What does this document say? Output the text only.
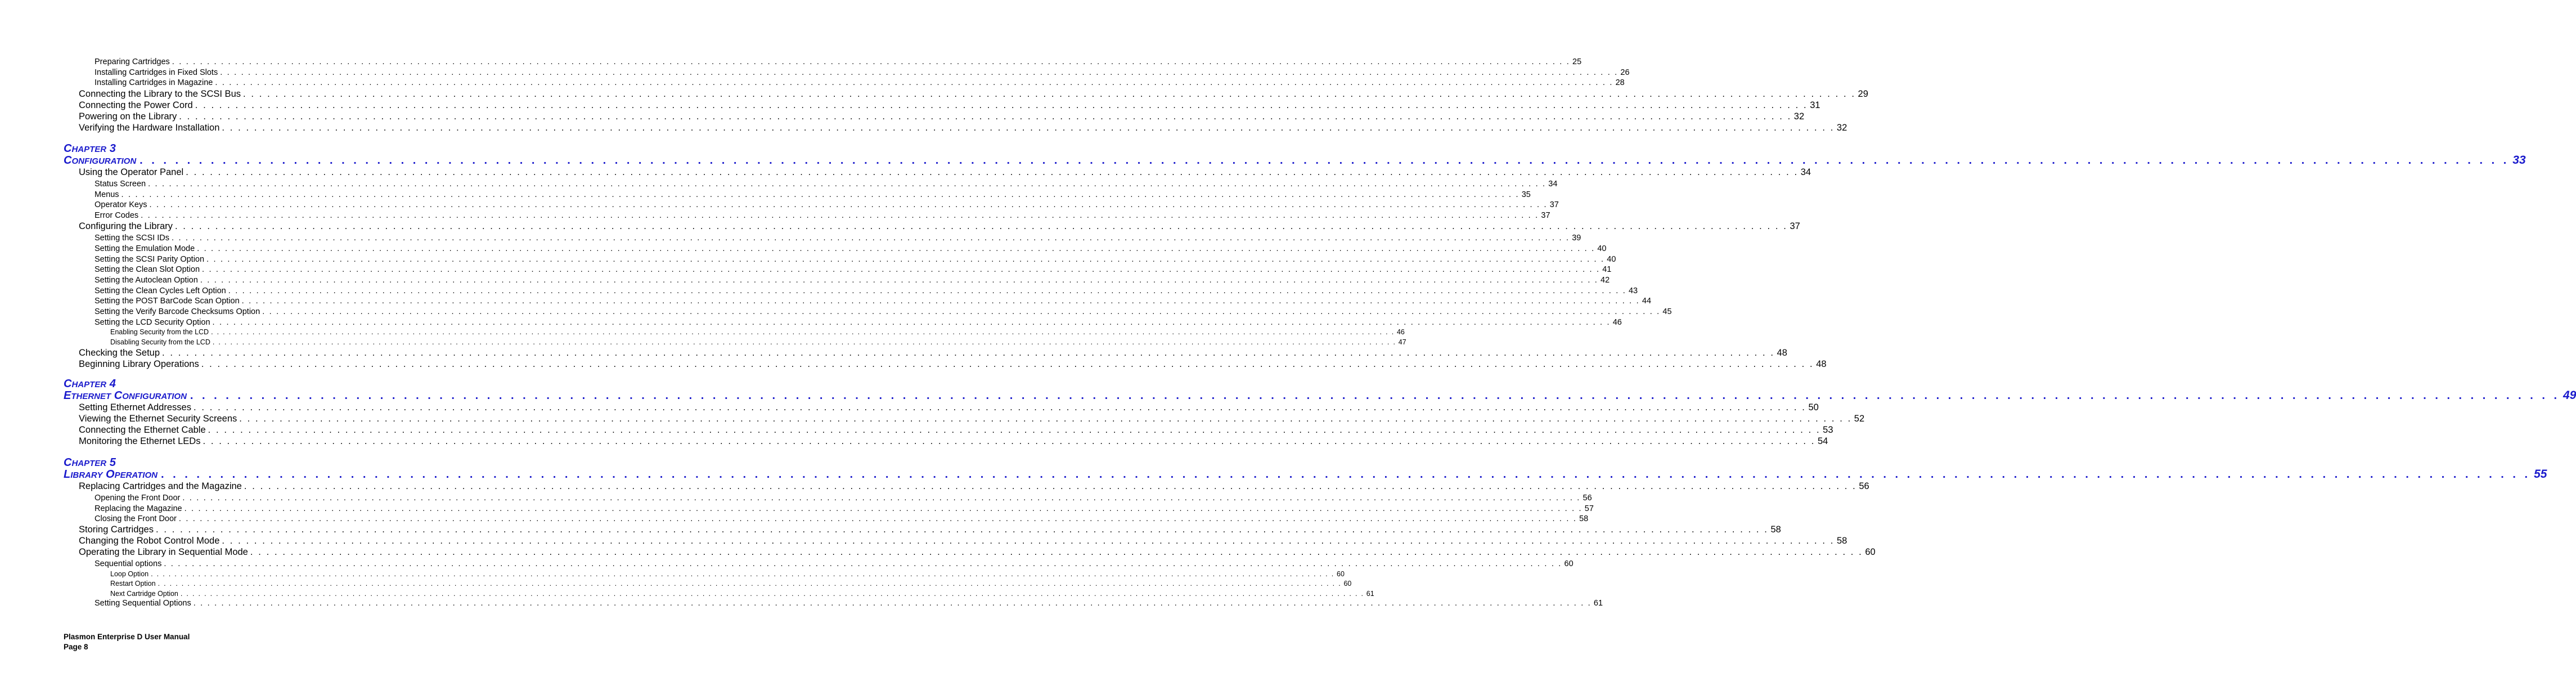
Preparing Cartridges . . . . . . . . . . . . . . . . . . . . . . . . . . . . . . . . . . . . . . . . . . . . . . . . . . . . . . . . . . . . . . . . . . . . . . . . . . . . . . . . . . . . . . . . . . . . . . . . . . . . . . . . . . . . . . . . . . . . . . . . . . . . . . . . . . . . . . . . . . . . . . . . . . . . . . . . . . . . . . . . . . . . . . . . . . . . . . . . . . . . . . . . . . . . . . . . . . . . . . . . 25
Installing Cartridges in Fixed Slots . . . . . . . . . . . . . . . . . . . . . . . . . . . . . . . . . . . . . . . . . . . . . . . . . . . . . . . . . . . . . . . . . . . . . . . . . . . . . . . . . . . . . . . . . . . . . . . . . . . . . . . . . . . . . . . . . . . . . . . . . . . . . . . . . . . . . . . . . . . . . . . . . . . . . . . . . . . . . . . . . . . . . . . . . . . . . . . . . . . . . . . . . . . . . . . . . . . . . . . . 26
Installing Cartridges in Magazine . . . . . . . . . . . . . . . . . . . . . . . . . . . . . . . . . . . . . . . . . . . . . . . . . . . . . . . . . . . . . . . . . . . . . . . . . . . . . . . . . . . . . . . . . . . . . . . . . . . . . . . . . . . . . . . . . . . . . . . . . . . . . . . . . . . . . . . . . . . . . . . . . . . . . . . . . . . . . . . . . . . . . . . . . . . . . . . . . . . . . . . . . . . . . . . . . . . . . . . . 28
Connecting the Library to the SCSI Bus . . . . . . . . . . . . . . . . . . . . . . . . . . . . . . . . . . . . . . . . . . . . . . . . . . . . . . . . . . . . . . . . . . . . . . . . . . . . . . . . . . . . . . . . . . . . . . . . . . . . . . . . . . . . . . . . . . . . . . . . . . . . . . . . . . . . . . . . . . . . . . . . . . . . . . . . . . . . . . . . . . . . . . . . . . . . . . . . . . . . . . . . . . . . . . . . . . . . . . . . 29
Connecting the Power Cord . . . . . . . . . . . . . . . . . . . . . . . . . . . . . . . . . . . . . . . . . . . . . . . . . . . . . . . . . . . . . . . . . . . . . . . . . . . . . . . . . . . . . . . . . . . . . . . . . . . . . . . . . . . . . . . . . . . . . . . . . . . . . . . . . . . . . . . . . . . . . . . . . . . . . . . . . . . . . . . . . . . . . . . . . . . . . . . . . . . . . . . . . . . . . . . . . . . . . . . . 31
Powering on the Library . . . . . . . . . . . . . . . . . . . . . . . . . . . . . . . . . . . . . . . . . . . . . . . . . . . . . . . . . . . . . . . . . . . . . . . . . . . . . . . . . . . . . . . . . . . . . . . . . . . . . . . . . . . . . . . . . . . . . . . . . . . . . . . . . . . . . . . . . . . . . . . . . . . . . . . . . . . . . . . . . . . . . . . . . . . . . . . . . . . . . . . . . . . . . . . . . . . . . . . . 32
Verifying the Hardware Installation . . . . . . . . . . . . . . . . . . . . . . . . . . . . . . . . . . . . . . . . . . . . . . . . . . . . . . . . . . . . . . . . . . . . . . . . . . . . . . . . . . . . . . . . . . . . . . . . . . . . . . . . . . . . . . . . . . . . . . . . . . . . . . . . . . . . . . . . . . . . . . . . . . . . . . . . . . . . . . . . . . . . . . . . . . . . . . . . . . . . . . . . . . . . . . . . . . . . . . . . 32
CHAPTER 3
CONFIGURATION . . . . . . . . . . . . . . . . . . . . . . . . . . . . . . . . . . . . . . . . . . . . . . . . . . . . . . . . . . . . . . . . . . . . . . . . . . . . . . . . . . . . . . . . . . . . . . . . . . . . . . . . . . . . . . . . . . . . . . . . . . . . . . . . . . . . . . . . . . . . . . . . . . . . . . . . . . . . . . . . . . . . . . . . . . . . . . . . . . . . . . . . . . . . . . . . . . . . . . . . 33
Using the Operator Panel . . . . . . . . . . . . . . . . . . . . . . . . . . . . . . . . . . . . . . . . . . . . . . . . . . . . . . . . . . . . . . . . . . . . . . . . . . . . . . . . . . . . . . . . . . . . . . . . . . . . . . . . . . . . . . . . . . . . . . . . . . . . . . . . . . . . . . . . . . . . . . . . . . . . . . . . . . . . . . . . . . . . . . . . . . . . . . . . . . . . . . . . . . . . . . . . . . . . . . . . 34
Status Screen . . . . . . . . . . . . . . . . . . . . . . . . . . . . . . . . . . . . . . . . . . . . . . . . . . . . . . . . . . . . . . . . . . . . . . . . . . . . . . . . . . . . . . . . . . . . . . . . . . . . . . . . . . . . . . . . . . . . . . . . . . . . . . . . . . . . . . . . . . . . . . . . . . . . . . . . . . . . . . . . . . . . . . . . . . . . . . . . . . . . . . . . . . . . . . . . . . . . . . . . 34
Menus . . . . . . . . . . . . . . . . . . . . . . . . . . . . . . . . . . . . . . . . . . . . . . . . . . . . . . . . . . . . . . . . . . . . . . . . . . . . . . . . . . . . . . . . . . . . . . . . . . . . . . . . . . . . . . . . . . . . . . . . . . . . . . . . . . . . . . . . . . . . . . . . . . . . . . . . . . . . . . . . . . . . . . . . . . . . . . . . . . . . . . . . . . . . . . . . . . . . . . . . 35
Operator Keys . . . . . . . . . . . . . . . . . . . . . . . . . . . . . . . . . . . . . . . . . . . . . . . . . . . . . . . . . . . . . . . . . . . . . . . . . . . . . . . . . . . . . . . . . . . . . . . . . . . . . . . . . . . . . . . . . . . . . . . . . . . . . . . . . . . . . . . . . . . . . . . . . . . . . . . . . . . . . . . . . . . . . . . . . . . . . . . . . . . . . . . . . . . . . . . . . . . . . . . . 37
Error Codes . . . . . . . . . . . . . . . . . . . . . . . . . . . . . . . . . . . . . . . . . . . . . . . . . . . . . . . . . . . . . . . . . . . . . . . . . . . . . . . . . . . . . . . . . . . . . . . . . . . . . . . . . . . . . . . . . . . . . . . . . . . . . . . . . . . . . . . . . . . . . . . . . . . . . . . . . . . . . . . . . . . . . . . . . . . . . . . . . . . . . . . . . . . . . . . . . . . . . . . . 37
Configuring the Library . . . . . . . . . . . . . . . . . . . . . . . . . . . . . . . . . . . . . . . . . . . . . . . . . . . . . . . . . . . . . . . . . . . . . . . . . . . . . . . . . . . . . . . . . . . . . . . . . . . . . . . . . . . . . . . . . . . . . . . . . . . . . . . . . . . . . . . . . . . . . . . . . . . . . . . . . . . . . . . . . . . . . . . . . . . . . . . . . . . . . . . . . . . . . . . . . . . . . . . . 37
Setting the SCSI IDs . . . . . . . . . . . . . . . . . . . . . . . . . . . . . . . . . . . . . . . . . . . . . . . . . . . . . . . . . . . . . . . . . . . . . . . . . . . . . . . . . . . . . . . . . . . . . . . . . . . . . . . . . . . . . . . . . . . . . . . . . . . . . . . . . . . . . . . . . . . . . . . . . . . . . . . . . . . . . . . . . . . . . . . . . . . . . . . . . . . . . . . . . . . . . . . . . . . . . . . . 39
Setting the Emulation Mode . . . . . . . . . . . . . . . . . . . . . . . . . . . . . . . . . . . . . . . . . . . . . . . . . . . . . . . . . . . . . . . . . . . . . . . . . . . . . . . . . . . . . . . . . . . . . . . . . . . . . . . . . . . . . . . . . . . . . . . . . . . . . . . . . . . . . . . . . . . . . . . . . . . . . . . . . . . . . . . . . . . . . . . . . . . . . . . . . . . . . . . . . . . . . . . . . . . . . . . . 40
Setting the SCSI Parity Option . . . . . . . . . . . . . . . . . . . . . . . . . . . . . . . . . . . . . . . . . . . . . . . . . . . . . . . . . . . . . . . . . . . . . . . . . . . . . . . . . . . . . . . . . . . . . . . . . . . . . . . . . . . . . . . . . . . . . . . . . . . . . . . . . . . . . . . . . . . . . . . . . . . . . . . . . . . . . . . . . . . . . . . . . . . . . . . . . . . . . . . . . . . . . . . . . . . . . . . . 40
Setting the Clean Slot Option . . . . . . . . . . . . . . . . . . . . . . . . . . . . . . . . . . . . . . . . . . . . . . . . . . . . . . . . . . . . . . . . . . . . . . . . . . . . . . . . . . . . . . . . . . . . . . . . . . . . . . . . . . . . . . . . . . . . . . . . . . . . . . . . . . . . . . . . . . . . . . . . . . . . . . . . . . . . . . . . . . . . . . . . . . . . . . . . . . . . . . . . . . . . . . . . . . . . . . . . 41
Setting the Autoclean Option . . . . . . . . . . . . . . . . . . . . . . . . . . . . . . . . . . . . . . . . . . . . . . . . . . . . . . . . . . . . . . . . . . . . . . . . . . . . . . . . . . . . . . . . . . . . . . . . . . . . . . . . . . . . . . . . . . . . . . . . . . . . . . . . . . . . . . . . . . . . . . . . . . . . . . . . . . . . . . . . . . . . . . . . . . . . . . . . . . . . . . . . . . . . . . . . . . . . . . . . 42
Setting the Clean Cycles Left Option . . . . . . . . . . . . . . . . . . . . . . . . . . . . . . . . . . . . . . . . . . . . . . . . . . . . . . . . . . . . . . . . . . . . . . . . . . . . . . . . . . . . . . . . . . . . . . . . . . . . . . . . . . . . . . . . . . . . . . . . . . . . . . . . . . . . . . . . . . . . . . . . . . . . . . . . . . . . . . . . . . . . . . . . . . . . . . . . . . . . . . . . . . . . . . . . . . . . . . . . 43
Setting the POST BarCode Scan Option . . . . . . . . . . . . . . . . . . . . . . . . . . . . . . . . . . . . . . . . . . . . . . . . . . . . . . . . . . . . . . . . . . . . . . . . . . . . . . . . . . . . . . . . . . . . . . . . . . . . . . . . . . . . . . . . . . . . . . . . . . . . . . . . . . . . . . . . . . . . . . . . . . . . . . . . . . . . . . . . . . . . . . . . . . . . . . . . . . . . . . . . . . . . . . . . . . . . . . . . 44
Setting the Verify Barcode Checksums Option . . . . . . . . . . . . . . . . . . . . . . . . . . . . . . . . . . . . . . . . . . . . . . . . . . . . . . . . . . . . . . . . . . . . . . . . . . . . . . . . . . . . . . . . . . . . . . . . . . . . . . . . . . . . . . . . . . . . . . . . . . . . . . . . . . . . . . . . . . . . . . . . . . . . . . . . . . . . . . . . . . . . . . . . . . . . . . . . . . . . . . . . . . . . . . . . . . . . . . . . 45
Setting the LCD Security Option . . . . . . . . . . . . . . . . . . . . . . . . . . . . . . . . . . . . . . . . . . . . . . . . . . . . . . . . . . . . . . . . . . . . . . . . . . . . . . . . . . . . . . . . . . . . . . . . . . . . . . . . . . . . . . . . . . . . . . . . . . . . . . . . . . . . . . . . . . . . . . . . . . . . . . . . . . . . . . . . . . . . . . . . . . . . . . . . . . . . . . . . . . . . . . . . . . . . . . . . 46
Enabling Security from the LCD . . . . . . . . . . . . . . . . . . . . . . . . . . . . . . . . . . . . . . . . . . . . . . . . . . . . . . . . . . . . . . . . . . . . . . . . . . . . . . . . . . . . . . . . . . . . . . . . . . . . . . . . . . . . . . . . . . . . . . . . . . . . . . . . . . . . . . . . . . . . . . . . . . . . . . . . . . . . . . . . . . . . . . . . . . . . . . . . . . . . . . . . . . . . . . . . . . . . . . . . 46
Disabling Security from the LCD . . . . . . . . . . . . . . . . . . . . . . . . . . . . . . . . . . . . . . . . . . . . . . . . . . . . . . . . . . . . . . . . . . . . . . . . . . . . . . . . . . . . . . . . . . . . . . . . . . . . . . . . . . . . . . . . . . . . . . . . . . . . . . . . . . . . . . . . . . . . . . . . . . . . . . . . . . . . . . . . . . . . . . . . . . . . . . . . . . . . . . . . . . . . . . . . . . . . . . . . 47
Checking the Setup . . . . . . . . . . . . . . . . . . . . . . . . . . . . . . . . . . . . . . . . . . . . . . . . . . . . . . . . . . . . . . . . . . . . . . . . . . . . . . . . . . . . . . . . . . . . . . . . . . . . . . . . . . . . . . . . . . . . . . . . . . . . . . . . . . . . . . . . . . . . . . . . . . . . . . . . . . . . . . . . . . . . . . . . . . . . . . . . . . . . . . . . . . . . . . . . . . . . . . . . 48
Beginning Library Operations . . . . . . . . . . . . . . . . . . . . . . . . . . . . . . . . . . . . . . . . . . . . . . . . . . . . . . . . . . . . . . . . . . . . . . . . . . . . . . . . . . . . . . . . . . . . . . . . . . . . . . . . . . . . . . . . . . . . . . . . . . . . . . . . . . . . . . . . . . . . . . . . . . . . . . . . . . . . . . . . . . . . . . . . . . . . . . . . . . . . . . . . . . . . . . . . . . . . . . . . 48
CHAPTER 4
ETHERNET CONFIGURATION . . . . . . . . . . . . . . . . . . . . . . . . . . . . . . . . . . . . . . . . . . . . . . . . . . . . . . . . . . . . . . . . . . . . . . . . . . . . . . . . . . . . . . . . . . . . . . . . . . . . . . . . . . . . . . . . . . . . . . . . . . . . . . . . . . . . . . . . . . . . . . . . . . . . . . . . . . . . . . . . . . . . . . . . . . . . . . . . . . . . . . . . . . . . . . . . . . . . . . . . 49
Setting Ethernet Addresses . . . . . . . . . . . . . . . . . . . . . . . . . . . . . . . . . . . . . . . . . . . . . . . . . . . . . . . . . . . . . . . . . . . . . . . . . . . . . . . . . . . . . . . . . . . . . . . . . . . . . . . . . . . . . . . . . . . . . . . . . . . . . . . . . . . . . . . . . . . . . . . . . . . . . . . . . . . . . . . . . . . . . . . . . . . . . . . . . . . . . . . . . . . . . . . . . . . . . . . . 50
Viewing the Ethernet Security Screens . . . . . . . . . . . . . . . . . . . . . . . . . . . . . . . . . . . . . . . . . . . . . . . . . . . . . . . . . . . . . . . . . . . . . . . . . . . . . . . . . . . . . . . . . . . . . . . . . . . . . . . . . . . . . . . . . . . . . . . . . . . . . . . . . . . . . . . . . . . . . . . . . . . . . . . . . . . . . . . . . . . . . . . . . . . . . . . . . . . . . . . . . . . . . . . . . . . . . . . . 52
Connecting the Ethernet Cable . . . . . . . . . . . . . . . . . . . . . . . . . . . . . . . . . . . . . . . . . . . . . . . . . . . . . . . . . . . . . . . . . . . . . . . . . . . . . . . . . . . . . . . . . . . . . . . . . . . . . . . . . . . . . . . . . . . . . . . . . . . . . . . . . . . . . . . . . . . . . . . . . . . . . . . . . . . . . . . . . . . . . . . . . . . . . . . . . . . . . . . . . . . . . . . . . . . . . . . . 53
Monitoring the Ethernet LEDs . . . . . . . . . . . . . . . . . . . . . . . . . . . . . . . . . . . . . . . . . . . . . . . . . . . . . . . . . . . . . . . . . . . . . . . . . . . . . . . . . . . . . . . . . . . . . . . . . . . . . . . . . . . . . . . . . . . . . . . . . . . . . . . . . . . . . . . . . . . . . . . . . . . . . . . . . . . . . . . . . . . . . . . . . . . . . . . . . . . . . . . . . . . . . . . . . . . . . . . . 54
CHAPTER 5
LIBRARY OPERATION . . . . . . . . . . . . . . . . . . . . . . . . . . . . . . . . . . . . . . . . . . . . . . . . . . . . . . . . . . . . . . . . . . . . . . . . . . . . . . . . . . . . . . . . . . . . . . . . . . . . . . . . . . . . . . . . . . . . . . . . . . . . . . . . . . . . . . . . . . . . . . . . . . . . . . . . . . . . . . . . . . . . . . . . . . . . . . . . . . . . . . . . . . . . . . . . . . . . . . . . 55
Replacing Cartridges and the Magazine . . . . . . . . . . . . . . . . . . . . . . . . . . . . . . . . . . . . . . . . . . . . . . . . . . . . . . . . . . . . . . . . . . . . . . . . . . . . . . . . . . . . . . . . . . . . . . . . . . . . . . . . . . . . . . . . . . . . . . . . . . . . . . . . . . . . . . . . . . . . . . . . . . . . . . . . . . . . . . . . . . . . . . . . . . . . . . . . . . . . . . . . . . . . . . . . . . . . . . . . 56
Opening the Front Door . . . . . . . . . . . . . . . . . . . . . . . . . . . . . . . . . . . . . . . . . . . . . . . . . . . . . . . . . . . . . . . . . . . . . . . . . . . . . . . . . . . . . . . . . . . . . . . . . . . . . . . . . . . . . . . . . . . . . . . . . . . . . . . . . . . . . . . . . . . . . . . . . . . . . . . . . . . . . . . . . . . . . . . . . . . . . . . . . . . . . . . . . . . . . . . . . . . . . . . . 56
Replacing the Magazine . . . . . . . . . . . . . . . . . . . . . . . . . . . . . . . . . . . . . . . . . . . . . . . . . . . . . . . . . . . . . . . . . . . . . . . . . . . . . . . . . . . . . . . . . . . . . . . . . . . . . . . . . . . . . . . . . . . . . . . . . . . . . . . . . . . . . . . . . . . . . . . . . . . . . . . . . . . . . . . . . . . . . . . . . . . . . . . . . . . . . . . . . . . . . . . . . . . . . . . . 57
Closing the Front Door . . . . . . . . . . . . . . . . . . . . . . . . . . . . . . . . . . . . . . . . . . . . . . . . . . . . . . . . . . . . . . . . . . . . . . . . . . . . . . . . . . . . . . . . . . . . . . . . . . . . . . . . . . . . . . . . . . . . . . . . . . . . . . . . . . . . . . . . . . . . . . . . . . . . . . . . . . . . . . . . . . . . . . . . . . . . . . . . . . . . . . . . . . . . . . . . . . . . . . . . 58
Storing Cartridges . . . . . . . . . . . . . . . . . . . . . . . . . . . . . . . . . . . . . . . . . . . . . . . . . . . . . . . . . . . . . . . . . . . . . . . . . . . . . . . . . . . . . . . . . . . . . . . . . . . . . . . . . . . . . . . . . . . . . . . . . . . . . . . . . . . . . . . . . . . . . . . . . . . . . . . . . . . . . . . . . . . . . . . . . . . . . . . . . . . . . . . . . . . . . . . . . . . . . . . . 58
Changing the Robot Control Mode . . . . . . . . . . . . . . . . . . . . . . . . . . . . . . . . . . . . . . . . . . . . . . . . . . . . . . . . . . . . . . . . . . . . . . . . . . . . . . . . . . . . . . . . . . . . . . . . . . . . . . . . . . . . . . . . . . . . . . . . . . . . . . . . . . . . . . . . . . . . . . . . . . . . . . . . . . . . . . . . . . . . . . . . . . . . . . . . . . . . . . . . . . . . . . . . . . . . . . . . 58
Operating the Library in Sequential Mode . . . . . . . . . . . . . . . . . . . . . . . . . . . . . . . . . . . . . . . . . . . . . . . . . . . . . . . . . . . . . . . . . . . . . . . . . . . . . . . . . . . . . . . . . . . . . . . . . . . . . . . . . . . . . . . . . . . . . . . . . . . . . . . . . . . . . . . . . . . . . . . . . . . . . . . . . . . . . . . . . . . . . . . . . . . . . . . . . . . . . . . . . . . . . . . . . . . . . . . . 60
Sequential options . . . . . . . . . . . . . . . . . . . . . . . . . . . . . . . . . . . . . . . . . . . . . . . . . . . . . . . . . . . . . . . . . . . . . . . . . . . . . . . . . . . . . . . . . . . . . . . . . . . . . . . . . . . . . . . . . . . . . . . . . . . . . . . . . . . . . . . . . . . . . . . . . . . . . . . . . . . . . . . . . . . . . . . . . . . . . . . . . . . . . . . . . . . . . . . . . . . . . . . . 60
Loop Option . . . . . . . . . . . . . . . . . . . . . . . . . . . . . . . . . . . . . . . . . . . . . . . . . . . . . . . . . . . . . . . . . . . . . . . . . . . . . . . . . . . . . . . . . . . . . . . . . . . . . . . . . . . . . . . . . . . . . . . . . . . . . . . . . . . . . . . . . . . . . . . . . . . . . . . . . . . . . . . . . . . . . . . . . . . . . . . . . . . . . . . . . . . . . . . . . . . . . . . . 60
Restart Option . . . . . . . . . . . . . . . . . . . . . . . . . . . . . . . . . . . . . . . . . . . . . . . . . . . . . . . . . . . . . . . . . . . . . . . . . . . . . . . . . . . . . . . . . . . . . . . . . . . . . . . . . . . . . . . . . . . . . . . . . . . . . . . . . . . . . . . . . . . . . . . . . . . . . . . . . . . . . . . . . . . . . . . . . . . . . . . . . . . . . . . . . . . . . . . . . . . . . . . . 60
Next Cartridge Option . . . . . . . . . . . . . . . . . . . . . . . . . . . . . . . . . . . . . . . . . . . . . . . . . . . . . . . . . . . . . . . . . . . . . . . . . . . . . . . . . . . . . . . . . . . . . . . . . . . . . . . . . . . . . . . . . . . . . . . . . . . . . . . . . . . . . . . . . . . . . . . . . . . . . . . . . . . . . . . . . . . . . . . . . . . . . . . . . . . . . . . . . . . . . . . . . . . . . . . . 61
Setting Sequential Options . . . . . . . . . . . . . . . . . . . . . . . . . . . . . . . . . . . . . . . . . . . . . . . . . . . . . . . . . . . . . . . . . . . . . . . . . . . . . . . . . . . . . . . . . . . . . . . . . . . . . . . . . . . . . . . . . . . . . . . . . . . . . . . . . . . . . . . . . . . . . . . . . . . . . . . . . . . . . . . . . . . . . . . . . . . . . . . . . . . . . . . . . . . . . . . . . . . . . . . . 61
Plasmon Enterprise D User Manual
Page 8
